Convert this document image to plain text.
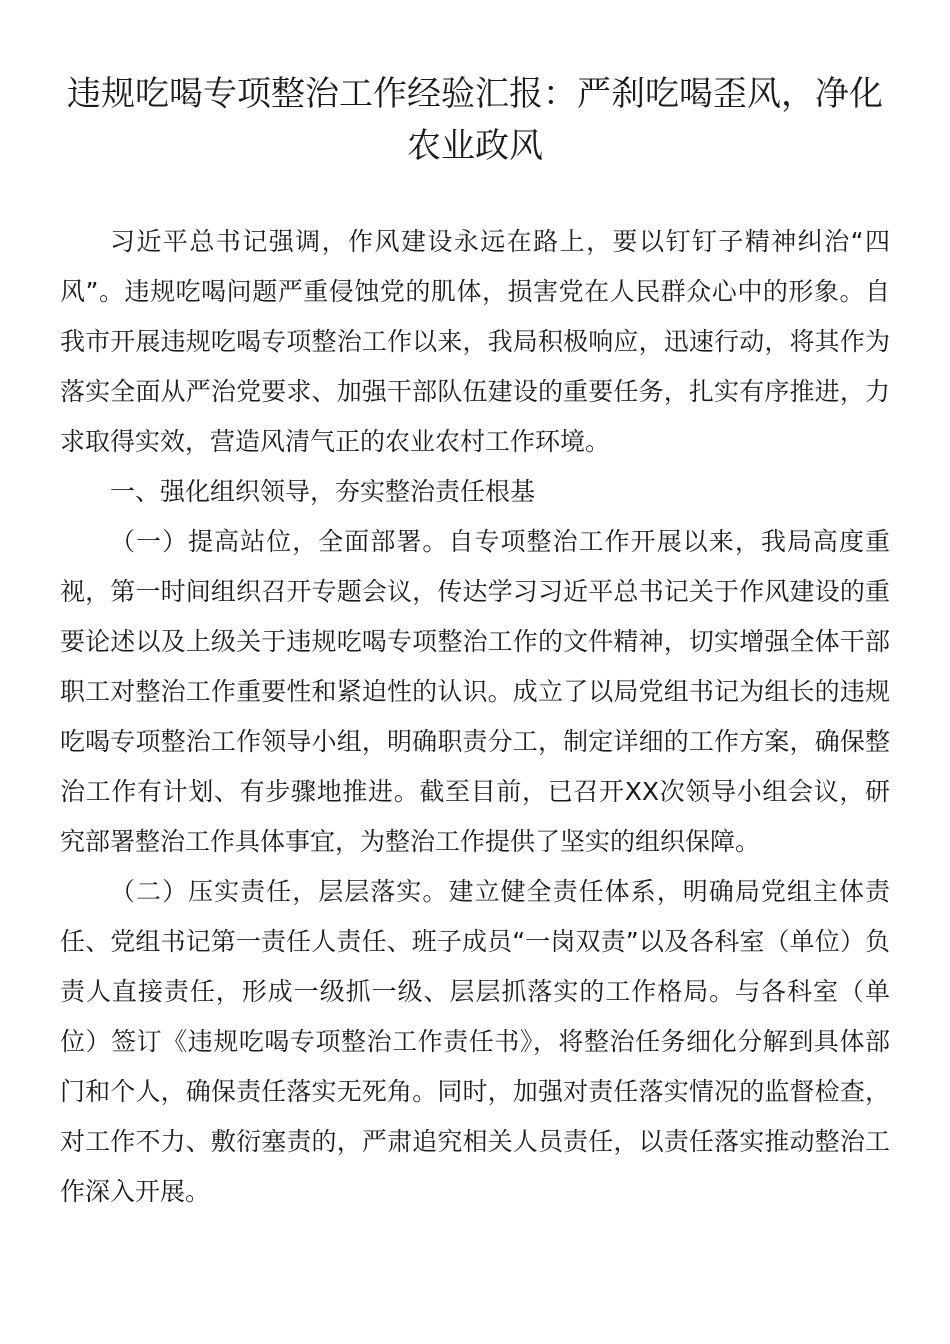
违规吃喝专项整治工作经验汇报：严刹吃喝歪风，净化农业政风

习近平总书记强调，作风建设永远在路上，要以钉钉子精神纠治“四风”。违规吃喝问题严重侵蚀党的肌体，损害党在人民群众心中的形象。自我市开展违规吃喝专项整治工作以来，我局积极响应，迅速行动，将其作为落实全面从严治党要求、加强干部队伍建设的重要任务，扎实有序推进，力求取得实效，营造风清气正的农业农村工作环境。

一、强化组织领导，夯实整治责任根基

（一）提高站位，全面部署。自专项整治工作开展以来，我局高度重视，第一时间组织召开专题会议，传达学习习近平总书记关于作风建设的重要论述以及上级关于违规吃喝专项整治工作的文件精神，切实增强全体干部职工对整治工作重要性和紧迫性的认识。成立了以局党组书记为组长的违规吃喝专项整治工作领导小组，明确职责分工，制定详细的工作方案，确保整治工作有计划、有步骤地推进。截至目前，已召开XX次领导小组会议，研究部署整治工作具体事宜，为整治工作提供了坚实的组织保障。

（二）压实责任，层层落实。建立健全责任体系，明确局党组主体责任、党组书记第一责任人责任、班子成员“一岗双责”以及各科室（单位）负责人直接责任，形成一级抓一级、层层抓落实的工作格局。与各科室（单位）签订《违规吃喝专项整治工作责任书》，将整治任务细化分解到具体部门和个人，确保责任落实无死角。同时，加强对责任落实情况的监督检查，对工作不力、敷衍塞责的，严肃追究相关人员责任，以责任落实推动整治工作深入开展。
